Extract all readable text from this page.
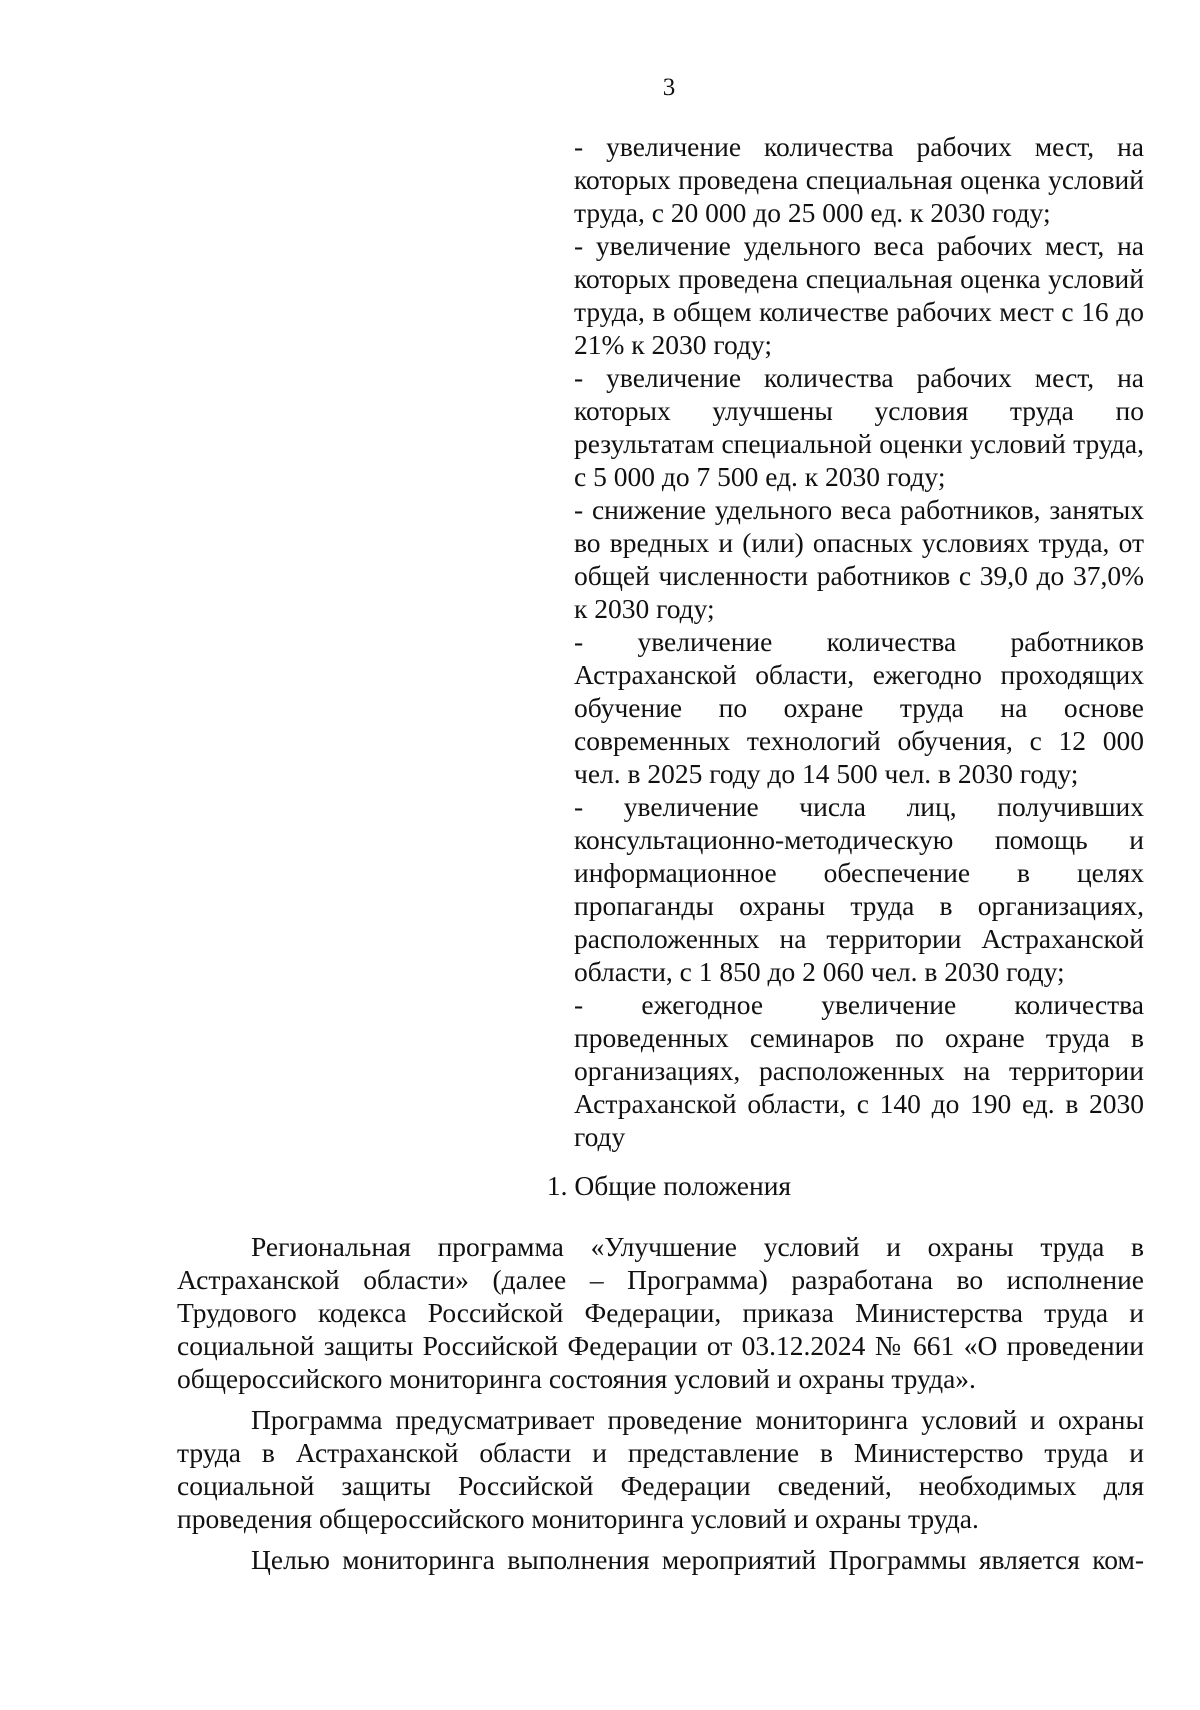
3
- увеличение количества рабочих мест, на которых проведена специальная оценка условий труда, с 20 000 до 25 000 ед. к 2030 году;
- увеличение удельного веса рабочих мест, на которых проведена специальная оценка условий труда, в общем количестве рабочих мест с 16 до 21% к 2030 году;
- увеличение количества рабочих мест, на которых улучшены условия труда по результатам специальной оценки условий труда, с 5 000 до 7 500 ед. к 2030 году;
- снижение удельного веса работников, занятых во вредных и (или) опасных условиях труда, от общей численности работников с 39,0 до 37,0% к 2030 году;
- увеличение количества работников Астраханской области, ежегодно проходящих обучение по охране труда на основе современных технологий обучения, с 12 000 чел. в 2025 году до 14 500 чел. в 2030 году;
- увеличение числа лиц, получивших консультационно-методическую помощь и информационное обеспечение в целях пропаганды охраны труда в организациях, расположенных на территории Астраханской области, с 1 850 до 2 060 чел. в 2030 году;
- ежегодное увеличение количества проведенных семинаров по охране труда в организациях, расположенных на территории Астраханской области, с 140 до 190 ед. в 2030 году
1. Общие положения

Региональная программа «Улучшение условий и охраны труда в Астраханской области» (далее – Программа) разработана во исполнение Трудового кодекса Российской Федерации, приказа Министерства труда и социальной защиты Российской Федерации от 03.12.2024 № 661 «О проведении общероссийского мониторинга состояния условий и охраны труда».

Программа предусматривает проведение мониторинга условий и охраны труда в Астраханской области и представление в Министерство труда и социальной защиты Российской Федерации сведений, необходимых для проведения общероссийского мониторинга условий и охраны труда.

Целью мониторинга выполнения мероприятий Программы является ком-
